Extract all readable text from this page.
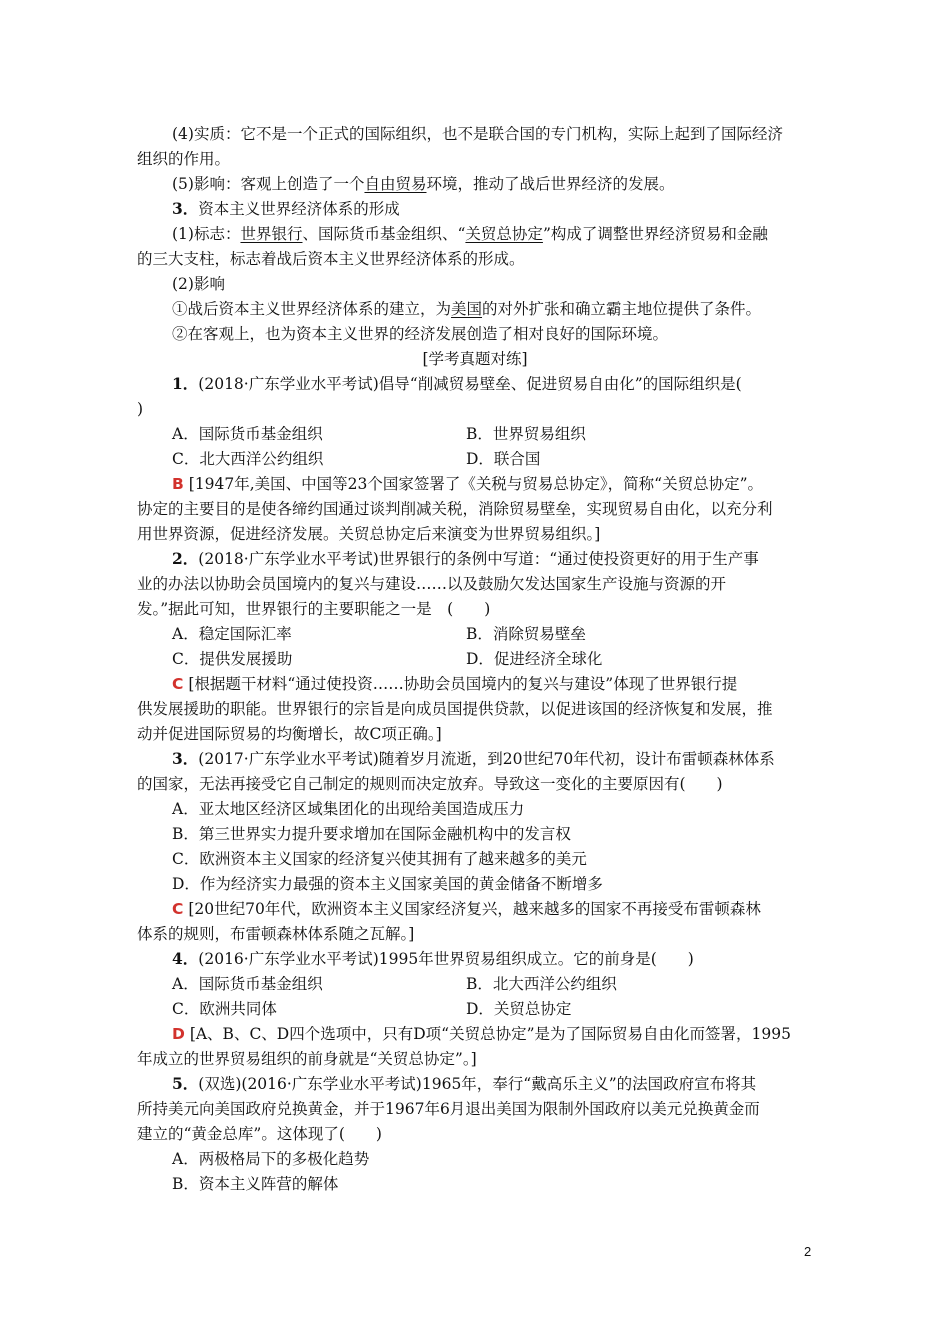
(4)实质：它不是一个正式的国际组织，也不是联合国的专门机构，实际上起到了国际经济
组织的作用。
(5)影响：客观上创造了一个自由贸易环境，推动了战后世界经济的发展。
3．资本主义世界经济体系的形成
(1)标志：世界银行、国际货币基金组织、“关贸总协定”构成了调整世界经济贸易和金融
的三大支柱，标志着战后资本主义世界经济体系的形成。
(2)影响
①战后资本主义世界经济体系的建立，为美国的对外扩张和确立霸主地位提供了条件。
②在客观上，也为资本主义世界的经济发展创造了相对良好的国际环境。
[学考真题对练]
1．(2018·广东学业水平考试)倡导“削减贸易壁垒、促进贸易自由化”的国际组织是(
)
A．国际货币基金组织	B．世界贸易组织
C．北大西洋公约组织	D．联合国
B [1947年,美国、中国等23个国家签署了《关税与贸易总协定》，简称“关贸总协定”。
协定的主要目的是使各缔约国通过谈判削减关税，消除贸易壁垒，实现贸易自由化，以充分利
用世界资源，促进经济发展。关贸总协定后来演变为世界贸易组织。]
2．(2018·广东学业水平考试)世界银行的条例中写道：“通过使投资更好的用于生产事
业的办法以协助会员国境内的复兴与建设……以及鼓励欠发达国家生产设施与资源的开
发。”据此可知，世界银行的主要职能之一是　(　　)
A．稳定国际汇率	B．消除贸易壁垒
C．提供发展援助	D．促进经济全球化
C [根据题干材料“通过使投资……协助会员国境内的复兴与建设”体现了世界银行提
供发展援助的职能。世界银行的宗旨是向成员国提供贷款，以促进该国的经济恢复和发展，推
动并促进国际贸易的均衡增长，故C项正确。]
3．(2017·广东学业水平考试)随着岁月流逝，到20世纪70年代初，设计布雷顿森林体系
的国家，无法再接受它自己制定的规则而决定放弃。导致这一变化的主要原因有(　　)
A．亚太地区经济区域集团化的出现给美国造成压力
B．第三世界实力提升要求增加在国际金融机构中的发言权
C．欧洲资本主义国家的经济复兴使其拥有了越来越多的美元
D．作为经济实力最强的资本主义国家美国的黄金储备不断增多
C [20世纪70年代，欧洲资本主义国家经济复兴，越来越多的国家不再接受布雷顿森林
体系的规则，布雷顿森林体系随之瓦解。]
4．(2016·广东学业水平考试)1995年世界贸易组织成立。它的前身是(　　)
A．国际货币基金组织	B．北大西洋公约组织
C．欧洲共同体	D．关贸总协定
D [A、B、C、D四个选项中，只有D项“关贸总协定”是为了国际贸易自由化而签署，1995
年成立的世界贸易组织的前身就是“关贸总协定”。]
5．(双选)(2016·广东学业水平考试)1965年，奉行“戴高乐主义”的法国政府宣布将其
所持美元向美国政府兑换黄金，并于1967年6月退出美国为限制外国政府以美元兑换黄金而
建立的“黄金总库”。这体现了(　　)
A．两极格局下的多极化趋势
B．资本主义阵营的解体
2
